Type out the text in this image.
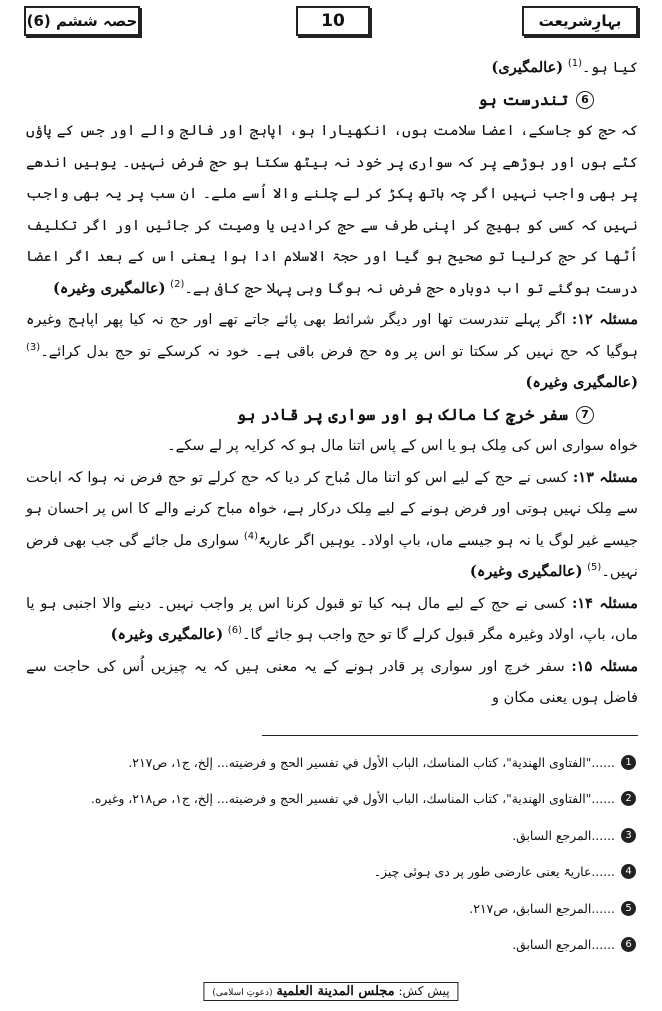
حصہ ششم (6)	10	بہارِشریعت

کیا ہو۔$^{(1)}$ (عالمگیری)

6تندرست ہو

کہ حج کو جاسکے، اعضا سلامت ہوں، انکھیارا ہو، اپاہج اور فالج والے اور جس کے پاؤں کٹے ہوں اور بوڑھے پر کہ سواری پر خود نہ بیٹھ سکتا ہو حج فرض نہیں۔ یوہیں اندھے پر بھی واجب نہیں اگر چہ ہاتھ پکڑ کر لے چلنے والا اُسے ملے۔ ان سب پر یہ بھی واجب نہیں کہ کسی کو بھیج کر اپنی طرف سے حج کرادیں یا وصیت کر جائیں اور اگر تکلیف اُٹھا کر حج کرلیا تو صحیح ہو گیا اور حجۃ الاسلام ادا ہوا یعنی اس کے بعد اگر اعضا درست ہوگئے تو اب دوبارہ حج فرض نہ ہوگا وہی پہلا حج کافی ہے۔$^{(2)}$ (عالمگیری وغیرہ)

مسئلہ ۱۲: اگر پہلے تندرست تھا اور دیگر شرائط بھی پائے جاتے تھے اور حج نہ کیا پھر اپاہج وغیرہ ہوگیا کہ حج نہیں کر سکتا تو اس پر وہ حج فرض باقی ہے۔ خود نہ کرسکے تو حج بدل کرائے۔$^{(3)}$ (عالمگیری وغیرہ)

7سفر خرچ کا مالک ہو اور سواری پر قادر ہو

خواہ سواری اس کی مِلک ہو یا اس کے پاس اتنا مال ہو کہ کرایہ پر لے سکے۔

مسئلہ ۱۳: کسی نے حج کے لیے اس کو اتنا مال مُباح کر دیا کہ حج کرلے تو حج فرض نہ ہوا کہ اباحت سے مِلک نہیں ہوتی اور فرض ہونے کے لیے مِلک درکار ہے، خواہ مباح کرنے والے کا اس پر احسان ہو جیسے غیر لوگ یا نہ ہو جیسے ماں، باپ اولاد۔ یوہیں اگر عاریۃً$^{(4)}$ سواری مل جائے گی جب بھی فرض نہیں۔$^{(5)}$ (عالمگیری وغیرہ)

مسئلہ ۱۴: کسی نے حج کے لیے مال ہبہ کیا تو قبول کرنا اس پر واجب نہیں۔ دینے والا اجنبی ہو یا ماں، باپ، اولاد وغیرہ مگر قبول کرلے گا تو حج واجب ہو جائے گا۔$^{(6)}$ (عالمگیری وغیرہ)

مسئلہ ۱۵: سفر خرچ اور سواری پر قادر ہونے کے یہ معنی ہیں کہ یہ چیزیں اُس کی حاجت سے فاضل ہوں یعنی مکان و

1
......"الفتاوى الهندية"، كتاب المناسك، الباب الأول في تفسير الحج و فرضيته... إلخ، ج۱، ص۲۱۷.
2
......"الفتاوى الهندية"، كتاب المناسك، الباب الأول في تفسير الحج و فرضيته... إلخ، ج۱، ص۲۱۸، وغيره.
3
......المرجع السابق.
4
......عاریۃً یعنی عارضی طور پر دی ہوئی چیز۔
5
......المرجع السابق، ص۲۱۷.
6
......المرجع السابق.
پیش کش: مجلس المدينة العلمية (دعوتِ اسلامی)
